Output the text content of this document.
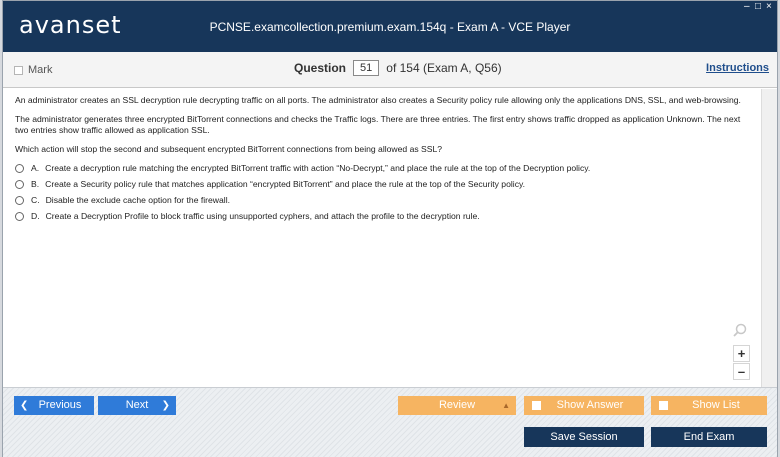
avanset	PCNSE.examcollection.premium.exam.154q - Exam A - VCE Player
– □ ×
Mark	Question	51	of 154 (Exam A, Q56)	Instructions

An administrator creates an SSL decryption rule decrypting traffic on all ports. The administrator also creates a Security policy rule allowing only the applications DNS, SSL, and web-browsing.

The administrator generates three encrypted BitTorrent connections and checks the Traffic logs. There are three entries. The first entry shows traffic dropped as application Unknown. The next two entries show traffic allowed as application SSL.

Which action will stop the second and subsequent encrypted BitTorrent connections from being allowed as SSL?

A. Create a decryption rule matching the encrypted BitTorrent traffic with action “No-Decrypt,” and place the rule at the top of the Decryption policy.
B. Create a Security policy rule that matches application “encrypted BitTorrent” and place the rule at the top of the Security policy.
C. Disable the exclude cache option for the firewall.
D. Create a Decryption Profile to block traffic using unsupported cyphers, and attach the profile to the decryption rule.
+
–
❮ Previous	Next ❯	Review	▲	Show Answer	Show List
Save Session	End Exam
